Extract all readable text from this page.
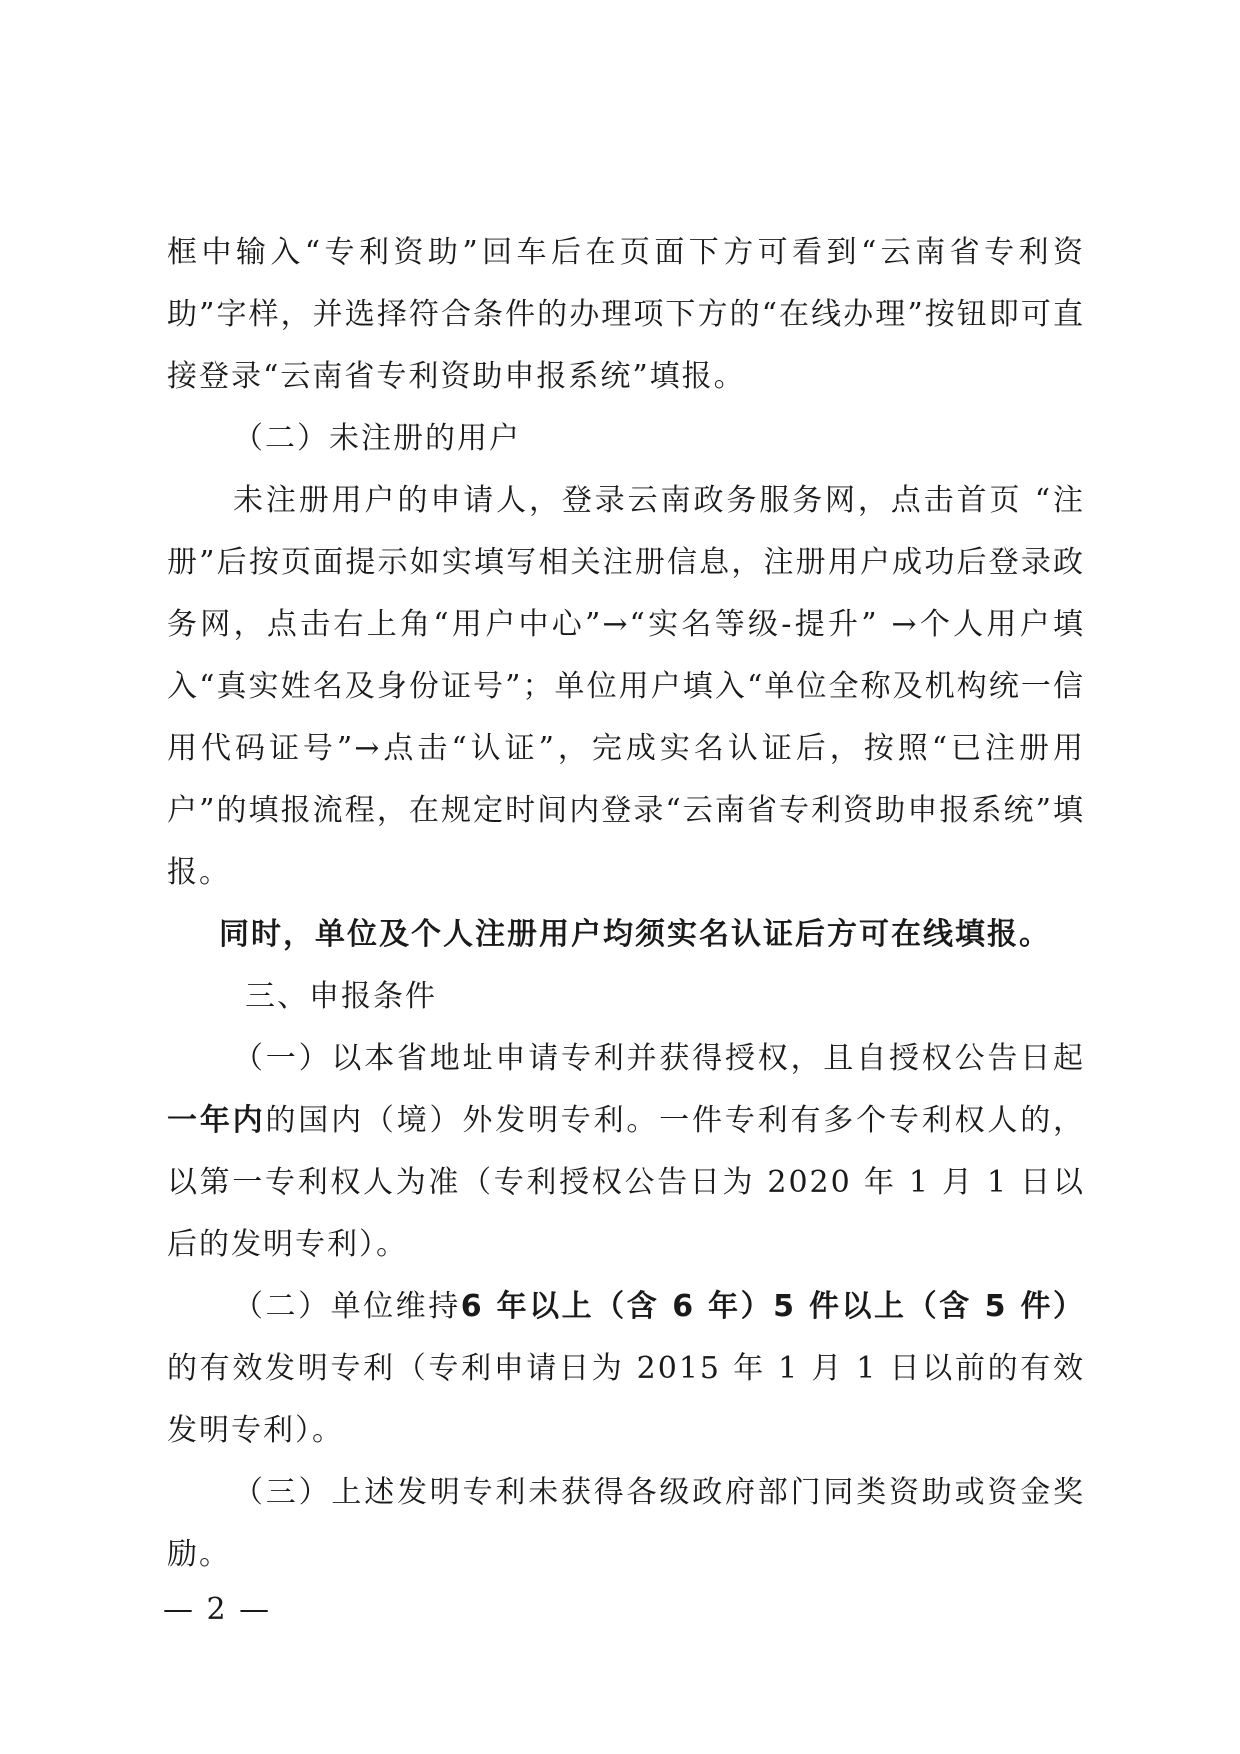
框中输入“专利资助”回车后在页面下方可看到“云南省专利资助”字样，并选择符合条件的办理项下方的“在线办理”按钮即可直接登录“云南省专利资助申报系统”填报。

（二）未注册的用户

未注册用户的申请人，登录云南政务服务网，点击首页 “注册”后按页面提示如实填写相关注册信息，注册用户成功后登录政务网，点击右上角“用户中心”→“实名等级-提升” →个人用户填入“真实姓名及身份证号”；单位用户填入“单位全称及机构统一信用代码证号”→点击“认证”，完成实名认证后，按照“已注册用户”的填报流程，在规定时间内登录“云南省专利资助申报系统”填报。

同时，单位及个人注册用户均须实名认证后方可在线填报。

三、申报条件

（一）以本省地址申请专利并获得授权，且自授权公告日起一年内的国内（境）外发明专利。一件专利有多个专利权人的，以第一专利权人为准（专利授权公告日为 2020 年 1 月 1 日以后的发明专利）。

（二）单位维持6 年以上（含 6 年）5 件以上（含 5 件）的有效发明专利（专利申请日为 2015 年 1 月 1 日以前的有效发明专利）。

（三）上述发明专利未获得各级政府部门同类资助或资金奖励。

— 2 —
